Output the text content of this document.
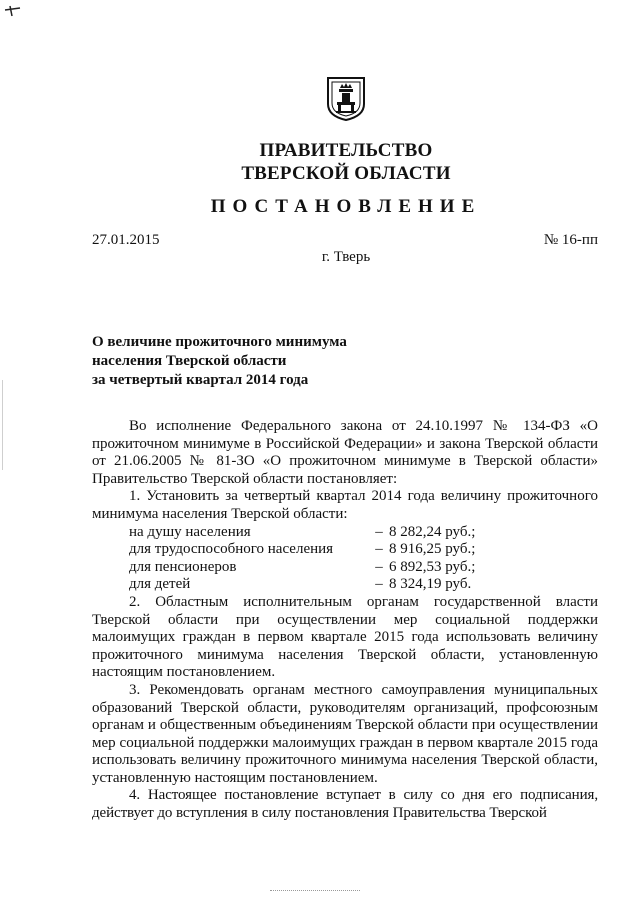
ПРАВИТЕЛЬСТВО
ТВЕРСКОЙ ОБЛАСТИ
ПОСТАНОВЛЕНИЕ
27.01.2015	№ 16-пп
г. Тверь
О величине прожиточного минимума
населения Тверской области
за четвертый квартал 2014 года

Во исполнение Федерального закона от 24.10.1997 № 134-ФЗ «О прожиточном минимуме в Российской Федерации» и закона Тверской области от 21.06.2005 № 81-ЗО «О прожиточном минимуме в Тверской области» Правительство Тверской области постановляет:

1. Установить за четвертый квартал 2014 года величину прожиточного минимума населения Тверской области:

на душу населения	– 8 282,24 руб.;
для трудоспособного населения	– 8 916,25 руб.;
для пенсионеров	– 6 892,53 руб.;
для детей	– 8 324,19 руб.

2. Областным исполнительным органам государственной власти Тверской области при осуществлении мер социальной поддержки малоимущих граждан в первом квартале 2015 года использовать величину прожиточного минимума населения Тверской области, установленную настоящим постановлением.

3. Рекомендовать органам местного самоуправления муниципальных образований Тверской области, руководителям организаций, профсоюзным органам и общественным объединениям Тверской области при осуществлении мер социальной поддержки малоимущих граждан в первом квартале 2015 года использовать величину прожиточного минимума населения Тверской области, установленную настоящим постановлением.

4. Настоящее постановление вступает в силу со дня его подписания, действует до вступления в силу постановления Правительства Тверской
